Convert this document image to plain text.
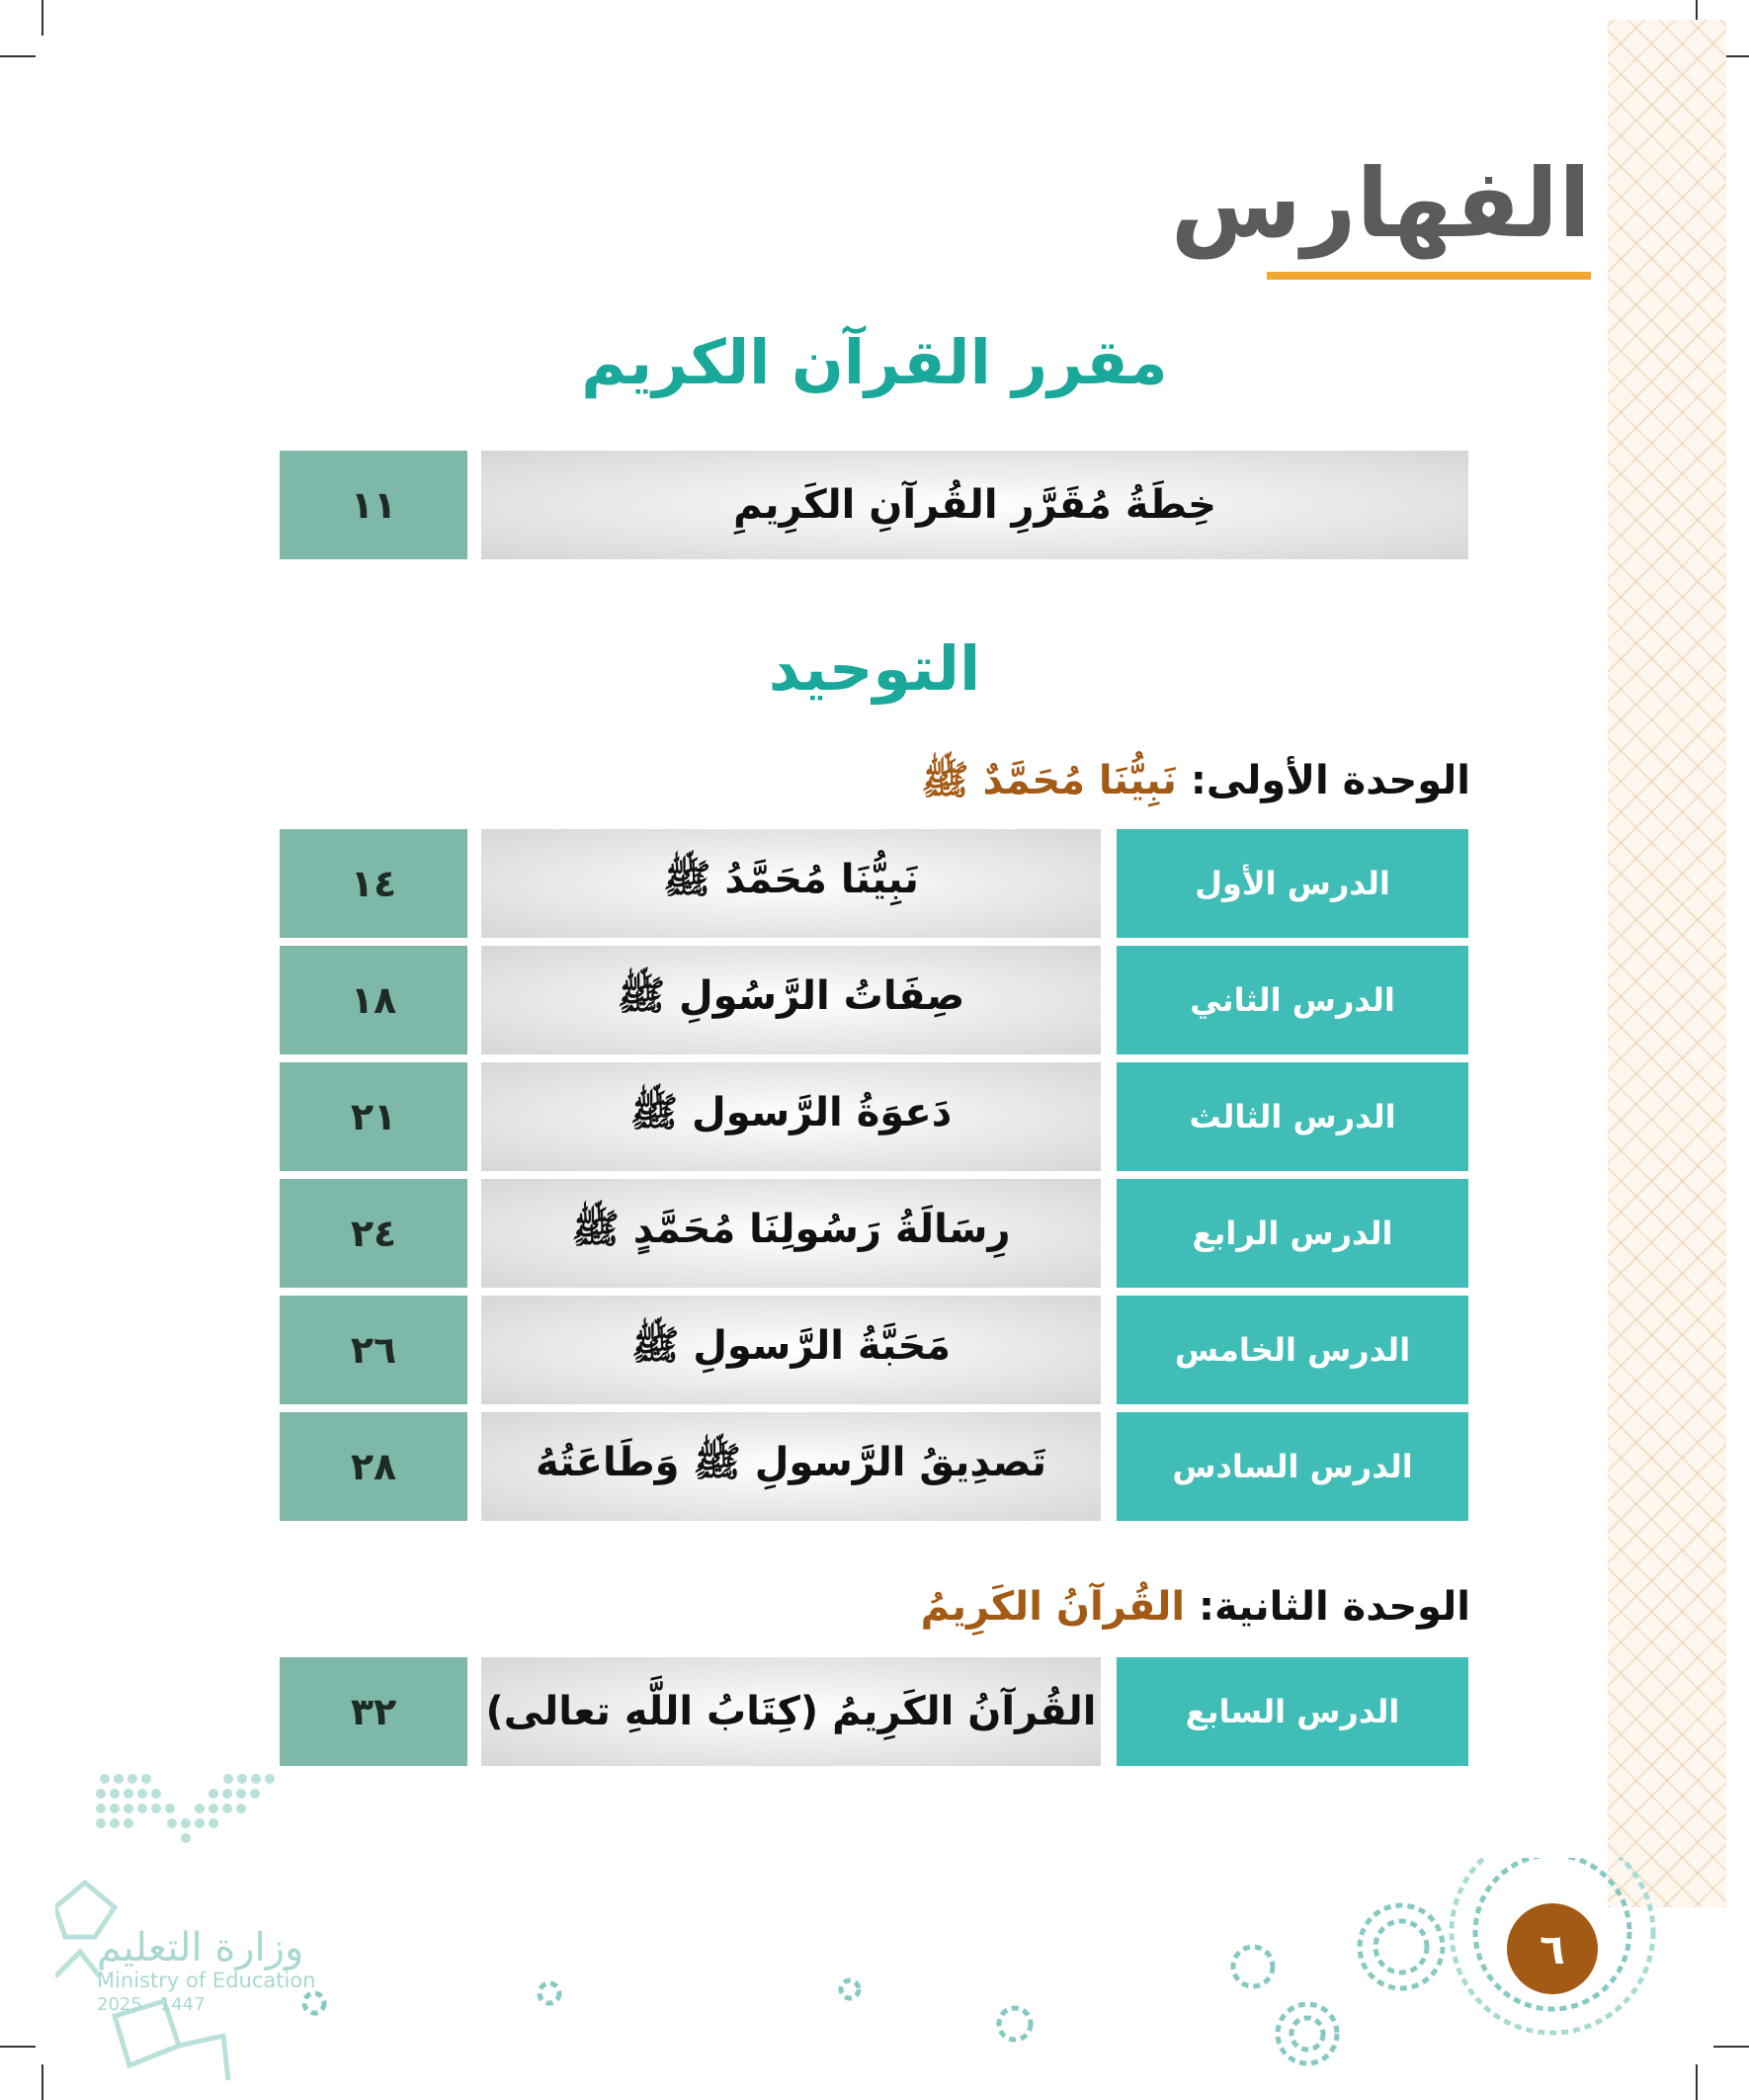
الفهارس
مقرر القرآن الكريم
١١	خِطَةُ مُقَرَّرِ القُرآنِ الكَرِيمِ
التوحيد

الوحدة الأولى: نَبِيُّنَا مُحَمَّدٌ ﷺ

١٤	نَبِيُّنَا مُحَمَّدُ ﷺ	الدرس الأول
١٨	صِفَاتُ الرَّسُولِ ﷺ	الدرس الثاني
٢١	دَعوَةُ الرَّسول ﷺ	الدرس الثالث
٢٤	رِسَالَةُ رَسُولِنَا مُحَمَّدٍ ﷺ	الدرس الرابع
٢٦	مَحَبَّةُ الرَّسولِ ﷺ	الدرس الخامس
٢٨	تَصدِيقُ الرَّسولِ ﷺ وَطَاعَتُهُ	الدرس السادس

الوحدة الثانية: القُرآنُ الكَرِيمُ

٣٢	القُرآنُ الكَرِيمُ (كِتَابُ اللَّهِ تعالى)	الدرس السابع
٦
وزارة التعليم
Ministry of Education
2025 - 1447
